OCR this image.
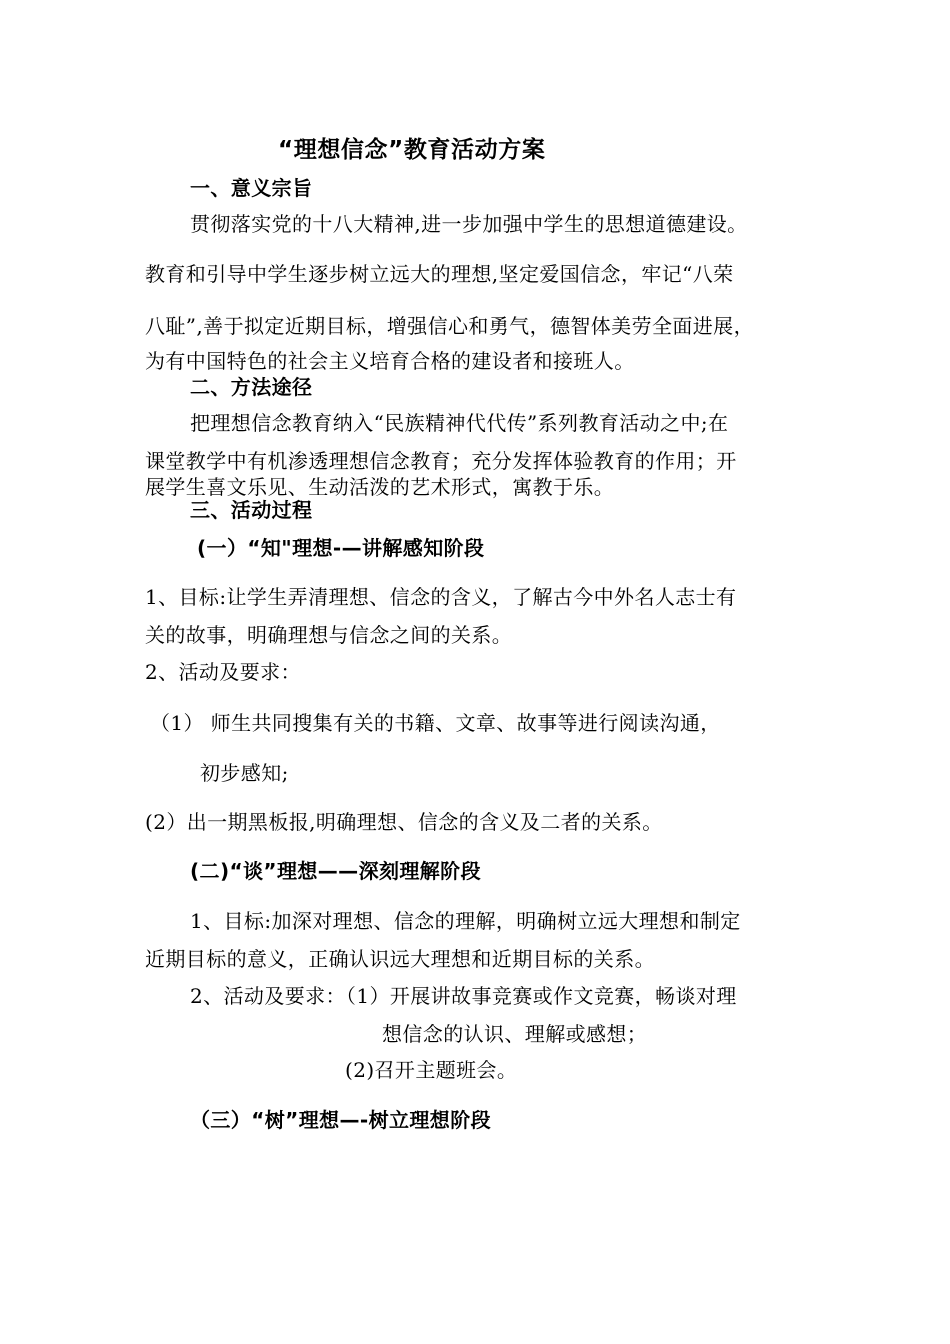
“理想信念”教育活动方案
一、意义宗旨
贯彻落实党的十八大精神,进一步加强中学生的思想道德建设。
教育和引导中学生逐步树立远大的理想,坚定爱国信念，牢记“八荣
八耻”,善于拟定近期目标，增强信心和勇气，德智体美劳全面进展，
为有中国特色的社会主义培育合格的建设者和接班人。
二、方法途径
把理想信念教育纳入“民族精神代代传”系列教育活动之中;在
课堂教学中有机渗透理想信念教育；充分发挥体验教育的作用；开
展学生喜文乐见、生动活泼的艺术形式，寓教于乐。
三、活动过程
(一）“知"理想-—讲解感知阶段
1、目标:让学生弄清理想、信念的含义，了解古今中外名人志士有
关的故事，明确理想与信念之间的关系。
2、活动及要求：
（1） 师生共同搜集有关的书籍、文章、故事等进行阅读沟通，
初步感知;
(2）出一期黑板报,明确理想、信念的含义及二者的关系。
(二)“谈”理想——深刻理解阶段
1、目标:加深对理想、信念的理解，明确树立远大理想和制定
近期目标的意义，正确认识远大理想和近期目标的关系。
2、活动及要求：（1）开展讲故事竞赛或作文竞赛，畅谈对理
想信念的认识、理解或感想；
(2)召开主题班会。
（三）“树”理想—-树立理想阶段
